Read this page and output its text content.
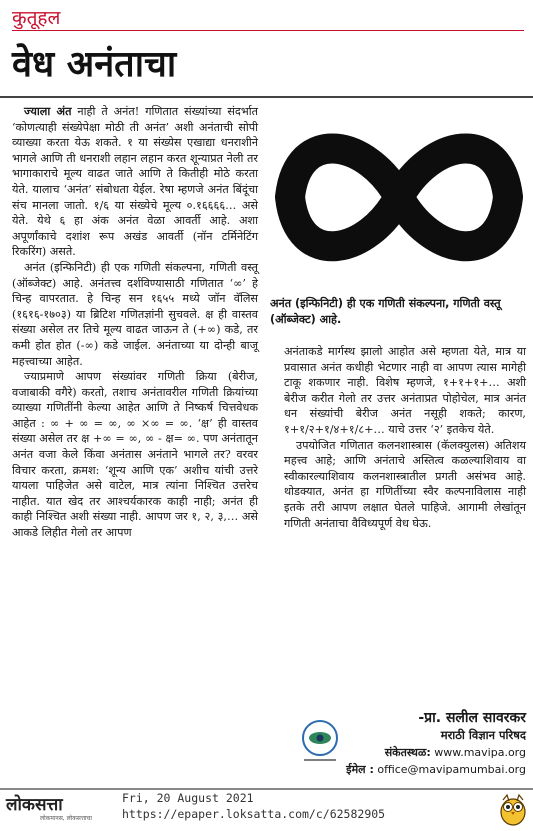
कुतूहल
वेध अनंताचा

ज्याला अंत नाही ते अनंत! गणितात संख्यांच्या संदर्भात ‘कोणत्याही संख्येपेक्षा मोठी ती अनंत’ अशी अनंताची सोपी व्याख्या करता येऊ शकते. १ या संख्येस एखाद्या धनराशीने भागले आणि ती धनराशी लहान लहान करत शून्याप्रत नेली तर भागाकाराचे मूल्य वाढत जाते आणि ते कितीही मोठे करता येते. यालाच ‘अनंत’ संबोधता येईल. रेषा म्हणजे अनंत बिंदूंचा संच मानला जातो. १/६ या संख्येचे मूल्य ०.१६६६६… असे येते. येथे ६ हा अंक अनंत वेळा आवर्ती आहे. अशा अपूर्णांकाचे दशांश रूप अखंड आवर्ती (नॉन टर्मिनेटिंग रिकरिंग) असते.

अनंत (इन्फिनिटी) ही एक गणिती संकल्पना, गणिती वस्तू (ऑब्जेक्ट) आहे. अनंतत्त्व दर्शविण्यासाठी गणितात ‘∞’ हे चिन्ह वापरतात. हे चिन्ह सन १६५५ मध्ये जॉन वॅलिस (१६१६-१७०३) या ब्रिटिश गणितज्ञांनी सुचवले. क्ष ही वास्तव संख्या असेल तर तिचे मूल्य वाढत जाऊन ते (+∞) कडे, तर कमी होत होत (-∞) कडे जाईल. अनंताच्या या दोन्ही बाजू महत्त्वाच्या आहेत.

ज्याप्रमाणे आपण संख्यांवर गणिती क्रिया (बेरीज, वजाबाकी वगैरे) करतो, तशाच अनंतावरील गणिती क्रियांच्या व्याख्या गणितींनी केल्या आहेत आणि ते निष्कर्ष चित्तवेधक आहेत : ∞ + ∞ = ∞, ∞ ×∞ = ∞. ‘क्ष’ ही वास्तव संख्या असेल तर क्ष +∞ = ∞, ∞ - क्ष= ∞. पण अनंतातून अनंत वजा केले किंवा अनंतास अनंताने भागले तर? वरवर विचार करता, क्रमश: ‘शून्य आणि एक’ अशीच यांची उत्तरे यायला पाहिजेत असे वाटेल, मात्र त्यांना निश्चित उत्तरेच नाहीत. यात खेद तर आश्चर्यकारक काही नाही; अनंत ही काही निश्चित अशी संख्या नाही. आपण जर १, २, ३,… असे आकडे लिहीत गेलो तर आपण

अनंत (इन्फिनिटी) ही एक गणिती संकल्पना, गणिती वस्तू (ऑब्जेक्ट) आहे.

अनंताकडे मार्गस्थ झालो आहोत असे म्हणता येते, मात्र या प्रवासात अनंत कधीही भेटणार नाही वा आपण त्यास मागेही टाकू शकणार नाही. विशेष म्हणजे, १+१+१+… अशी बेरीज करीत गेलो तर उत्तर अनंताप्रत पोहोचेल, मात्र अनंत धन संख्यांची बेरीज अनंत नसूही शकते; कारण, १+१/२+१/४+१/८+… याचे उत्तर ‘२’ इतकेच येते.

उपयोजित गणितात कलनशास्त्रास (कॅलक्युलस) अतिशय महत्त्व आहे; आणि अनंताचे अस्तित्व कळल्याशिवाय वा स्वीकारल्याशिवाय कलनशास्त्रातील प्रगती असंभव आहे. थोडक्यात, अनंत हा गणितींच्या स्वैर कल्पनाविलास नाही इतके तरी आपण लक्षात घेतले पाहिजे. आगामी लेखांतून गणिती अनंताचा वैविध्यपूर्ण वेध घेऊ.

-प्रा. सलील सावरकर
मराठी विज्ञान परिषद
संकेतस्थळ: www.mavipa.org
ईमेल : office@mavipamumbai.org
लोकसत्ता
लोकमानस, लोकसत्ताचा
Fri, 20 August 2021
https://epaper.loksatta.com/c/62582905
